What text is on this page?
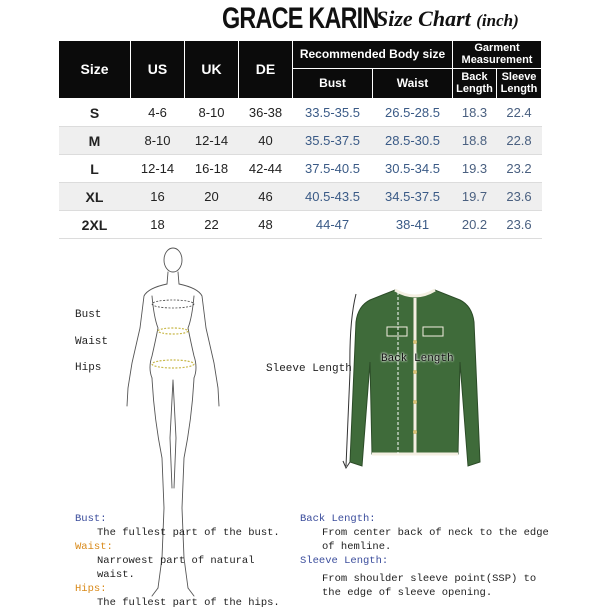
GRACE KARIN
Size Chart (inch)
Size	US	UK	DE	Recommended Body size		Garment Measurement	
				Bust	Waist	Back Length	Sleeve Length
S	4-6	8-10	36-38	33.5-35.5	26.5-28.5	18.3	22.4
M	8-10	12-14	40	35.5-37.5	28.5-30.5	18.8	22.8
L	12-14	16-18	42-44	37.5-40.5	30.5-34.5	19.3	23.2
XL	16	20	46	40.5-43.5	34.5-37.5	19.7	23.6
2XL	18	22	48	44-47	38-41	20.2	23.6
Bust
Waist
Hips	Sleeve Length
Back Length
Bust:
The fullest part of the bust.
Waist:
Narrowest part of natural waist.
Hips:
The fullest part of the hips.
Back Length:
From center back of neck to the edge
of hemline.
Sleeve Length:
From shoulder sleeve point(SSP) to
the edge of sleeve opening.
